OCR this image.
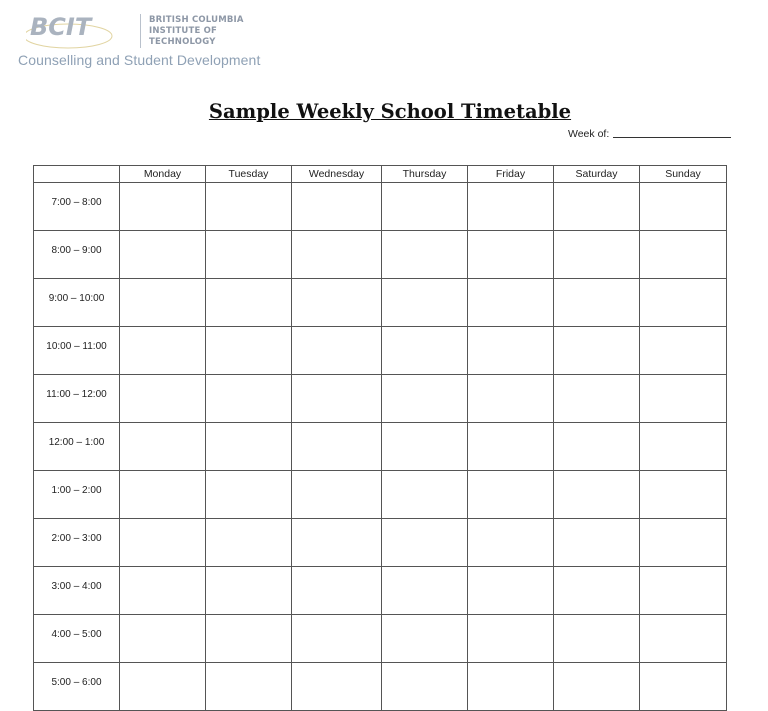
BCIT	BRITISH COLUMBIA
INSTITUTE OF TECHNOLOGY
Counselling and Student Development
Sample Weekly School Timetable
Week of:
	Monday	Tuesday	Wednesday	Thursday	Friday	Saturday	Sunday
7:00 – 8:00							
8:00 – 9:00							
9:00 – 10:00							
10:00 – 11:00							
11:00 – 12:00							
12:00 – 1:00							
1:00 – 2:00							
2:00 – 3:00							
3:00 – 4:00							
4:00 – 5:00							
5:00 – 6:00							
